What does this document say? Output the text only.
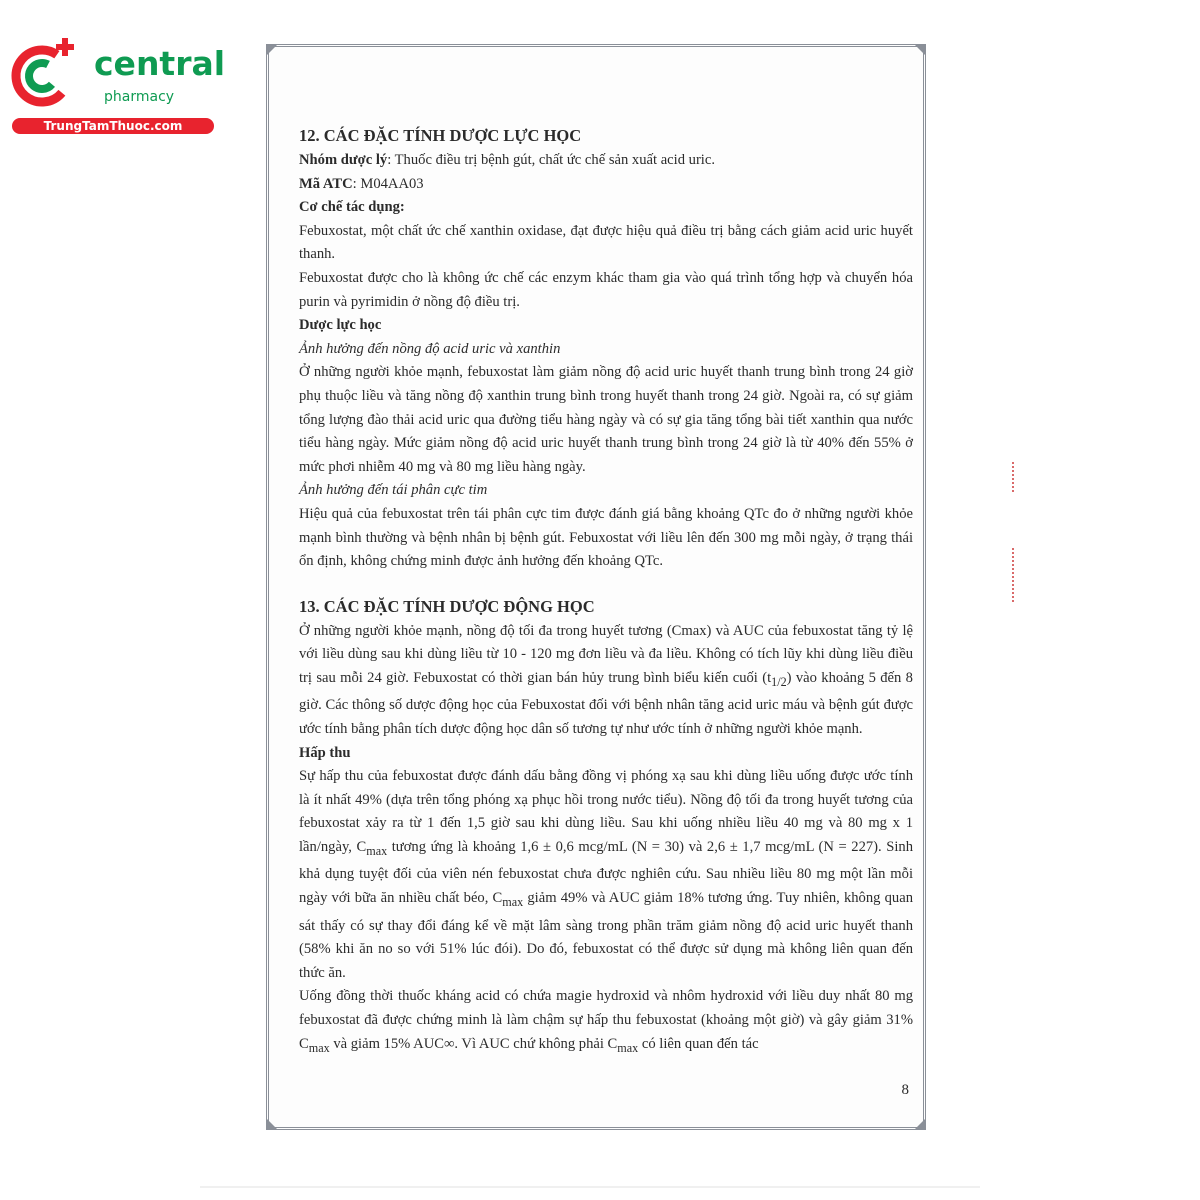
central

pharmacy
TrungTamThuoc.com	12. CÁC ĐẶC TÍNH DƯỢC LỰC HỌC

Nhóm dược lý: Thuốc điều trị bệnh gút, chất ức chế sản xuất acid uric.

Mã ATC: M04AA03

Cơ chế tác dụng:

Febuxostat, một chất ức chế xanthin oxidase, đạt được hiệu quả điều trị bằng cách giảm acid uric huyết thanh.

Febuxostat được cho là không ức chế các enzym khác tham gia vào quá trình tổng hợp và chuyển hóa purin và pyrimidin ở nồng độ điều trị.

Dược lực học

Ảnh hưởng đến nồng độ acid uric và xanthin

Ở những người khỏe mạnh, febuxostat làm giảm nồng độ acid uric huyết thanh trung bình trong 24 giờ phụ thuộc liều và tăng nồng độ xanthin trung bình trong huyết thanh trong 24 giờ. Ngoài ra, có sự giảm tổng lượng đào thải acid uric qua đường tiểu hàng ngày và có sự gia tăng tổng bài tiết xanthin qua nước tiểu hàng ngày. Mức giảm nồng độ acid uric huyết thanh trung bình trong 24 giờ là từ 40% đến 55% ở mức phơi nhiễm 40 mg và 80 mg liều hàng ngày.

Ảnh hưởng đến tái phân cực tim

Hiệu quả của febuxostat trên tái phân cực tim được đánh giá bằng khoảng QTc đo ở những người khỏe mạnh bình thường và bệnh nhân bị bệnh gút. Febuxostat với liều lên đến 300 mg mỗi ngày, ở trạng thái ổn định, không chứng minh được ảnh hưởng đến khoảng QTc.

13. CÁC ĐẶC TÍNH DƯỢC ĐỘNG HỌC

Ở những người khỏe mạnh, nồng độ tối đa trong huyết tương (Cmax) và AUC của febuxostat tăng tỷ lệ với liều dùng sau khi dùng liều từ 10 - 120 mg đơn liều và đa liều. Không có tích lũy khi dùng liều điều trị sau mỗi 24 giờ. Febuxostat có thời gian bán hủy trung bình biểu kiến cuối $(t_{1/2})$ vào khoảng 5 đến 8 giờ. Các thông số dược động học của Febuxostat đối với bệnh nhân tăng acid uric máu và bệnh gút được ước tính bằng phân tích dược động học dân số tương tự như ước tính ở những người khỏe mạnh.

Hấp thu

Sự hấp thu của febuxostat được đánh dấu bằng đồng vị phóng xạ sau khi dùng liều uống được ước tính là ít nhất 49% (dựa trên tổng phóng xạ phục hồi trong nước tiểu). Nồng độ tối đa trong huyết tương của febuxostat xảy ra từ 1 đến 1,5 giờ sau khi dùng liều. Sau khi uống nhiều liều 40 mg và 80 mg x 1 lần/ngày, $C_{max}$ tương ứng là khoảng 1,6 ± 0,6 mcg/mL (N = 30) và 2,6 ± 1,7 mcg/mL (N = 227). Sinh khả dụng tuyệt đối của viên nén febuxostat chưa được nghiên cứu. Sau nhiều liều 80 mg một lần mỗi ngày với bữa ăn nhiều chất béo, $C_{max}$ giảm 49% và AUC giảm 18% tương ứng. Tuy nhiên, không quan sát thấy có sự thay đổi đáng kể về mặt lâm sàng trong phần trăm giảm nồng độ acid uric huyết thanh (58% khi ăn no so với 51% lúc đói). Do đó, febuxostat có thể được sử dụng mà không liên quan đến thức ăn.

Uống đồng thời thuốc kháng acid có chứa magie hydroxid và nhôm hydroxid với liều duy nhất 80 mg febuxostat đã được chứng minh là làm chậm sự hấp thu febuxostat (khoảng một giờ) và gây giảm 31% $C_{max}$ và giảm 15% AUC∞. Vì AUC chứ không phải $C_{max}$ có liên quan đến tác

8
